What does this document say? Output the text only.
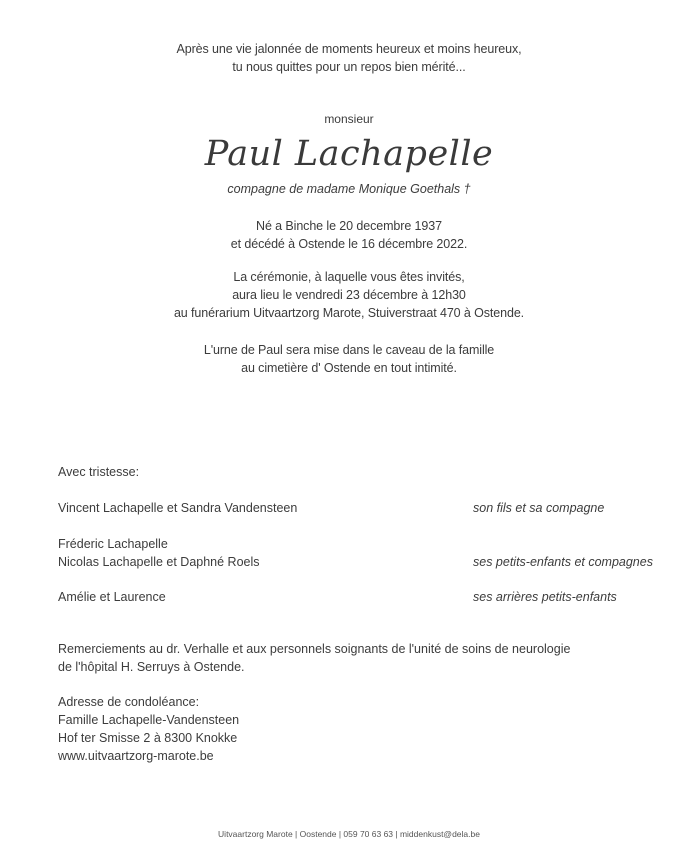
Après une vie jalonnée de moments heureux et moins heureux,
tu nous quittes pour un repos bien mérité...
monsieur
Paul Lachapelle
compagne de madame Monique Goethals †
Né a Binche le 20 decembre 1937
et décédé à Ostende le 16 décembre 2022.
La cérémonie, à laquelle vous êtes invités,
aura lieu le vendredi 23 décembre à 12h30
au funérarium Uitvaartzorg Marote, Stuiverstraat 470 à Ostende.
L'urne de Paul sera mise dans le caveau de la famille
au cimetière d' Ostende en tout intimité.
Avec tristesse:
Vincent Lachapelle et Sandra Vandensteen	son fils et sa compagne
Fréderic Lachapelle
Nicolas Lachapelle et Daphné Roels	ses petits-enfants et compagnes
Amélie et Laurence	ses arrières petits-enfants
Remerciements au dr. Verhalle et aux personnels soignants de l'unité de soins de neurologie
de l'hôpital H. Serruys à Ostende.
Adresse de condoléance:
Famille Lachapelle-Vandensteen
Hof ter Smisse 2 à 8300 Knokke
www.uitvaartzorg-marote.be
Uitvaartzorg Marote | Oostende | 059 70 63 63 | middenkust@dela.be
